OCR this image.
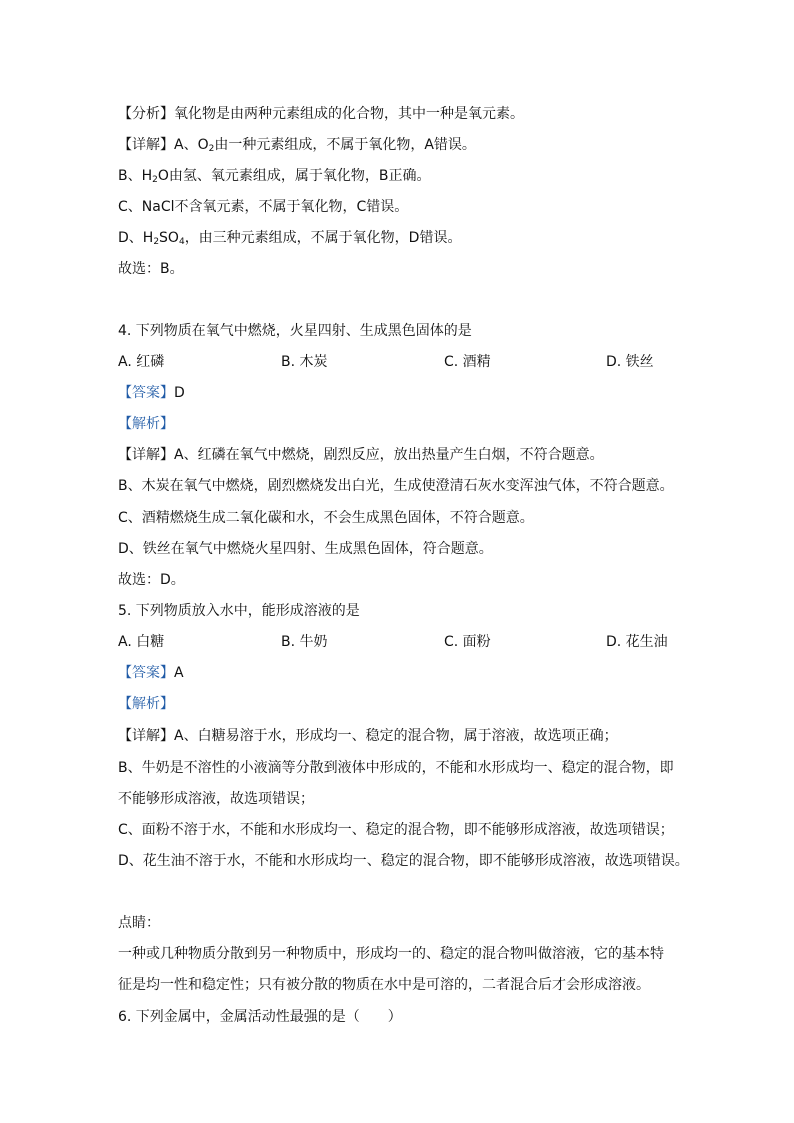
【分析】氧化物是由两种元素组成的化合物，其中一种是氧元素。
【详解】A、$O_2$由一种元素组成，不属于氧化物，A错误。
B、$H_2O$由氢、氧元素组成，属于氧化物，B正确。
C、NaCl不含氧元素，不属于氧化物，C错误。
D、$H_2SO_4$，由三种元素组成，不属于氧化物，D错误。
故选：B。
4. 下列物质在氧气中燃烧，火星四射、生成黑色固体的是
A. 红磷	B. 木炭	C. 酒精	D. 铁丝
【答案】D
【解析】
【详解】A、红磷在氧气中燃烧，剧烈反应，放出热量产生白烟，不符合题意。
B、木炭在氧气中燃烧，剧烈燃烧发出白光，生成使澄清石灰水变浑浊气体，不符合题意。
C、酒精燃烧生成二氧化碳和水，不会生成黑色固体，不符合题意。
D、铁丝在氧气中燃烧火星四射、生成黑色固体，符合题意。
故选：D。
5. 下列物质放入水中，能形成溶液的是
A. 白糖	B. 牛奶	C. 面粉	D. 花生油
【答案】A
【解析】
【详解】A、白糖易溶于水，形成均一、稳定的混合物，属于溶液，故选项正确；
B、牛奶是不溶性的小液滴等分散到液体中形成的，不能和水形成均一、稳定的混合物，即
不能够形成溶液，故选项错误；
C、面粉不溶于水，不能和水形成均一、稳定的混合物，即不能够形成溶液，故选项错误；
D、花生油不溶于水，不能和水形成均一、稳定的混合物，即不能够形成溶液，故选项错误。
点睛：
一种或几种物质分散到另一种物质中，形成均一的、稳定的混合物叫做溶液，它的基本特
征是均一性和稳定性；只有被分散的物质在水中是可溶的，二者混合后才会形成溶液。
6. 下列金属中，金属活动性最强的是（　　）
